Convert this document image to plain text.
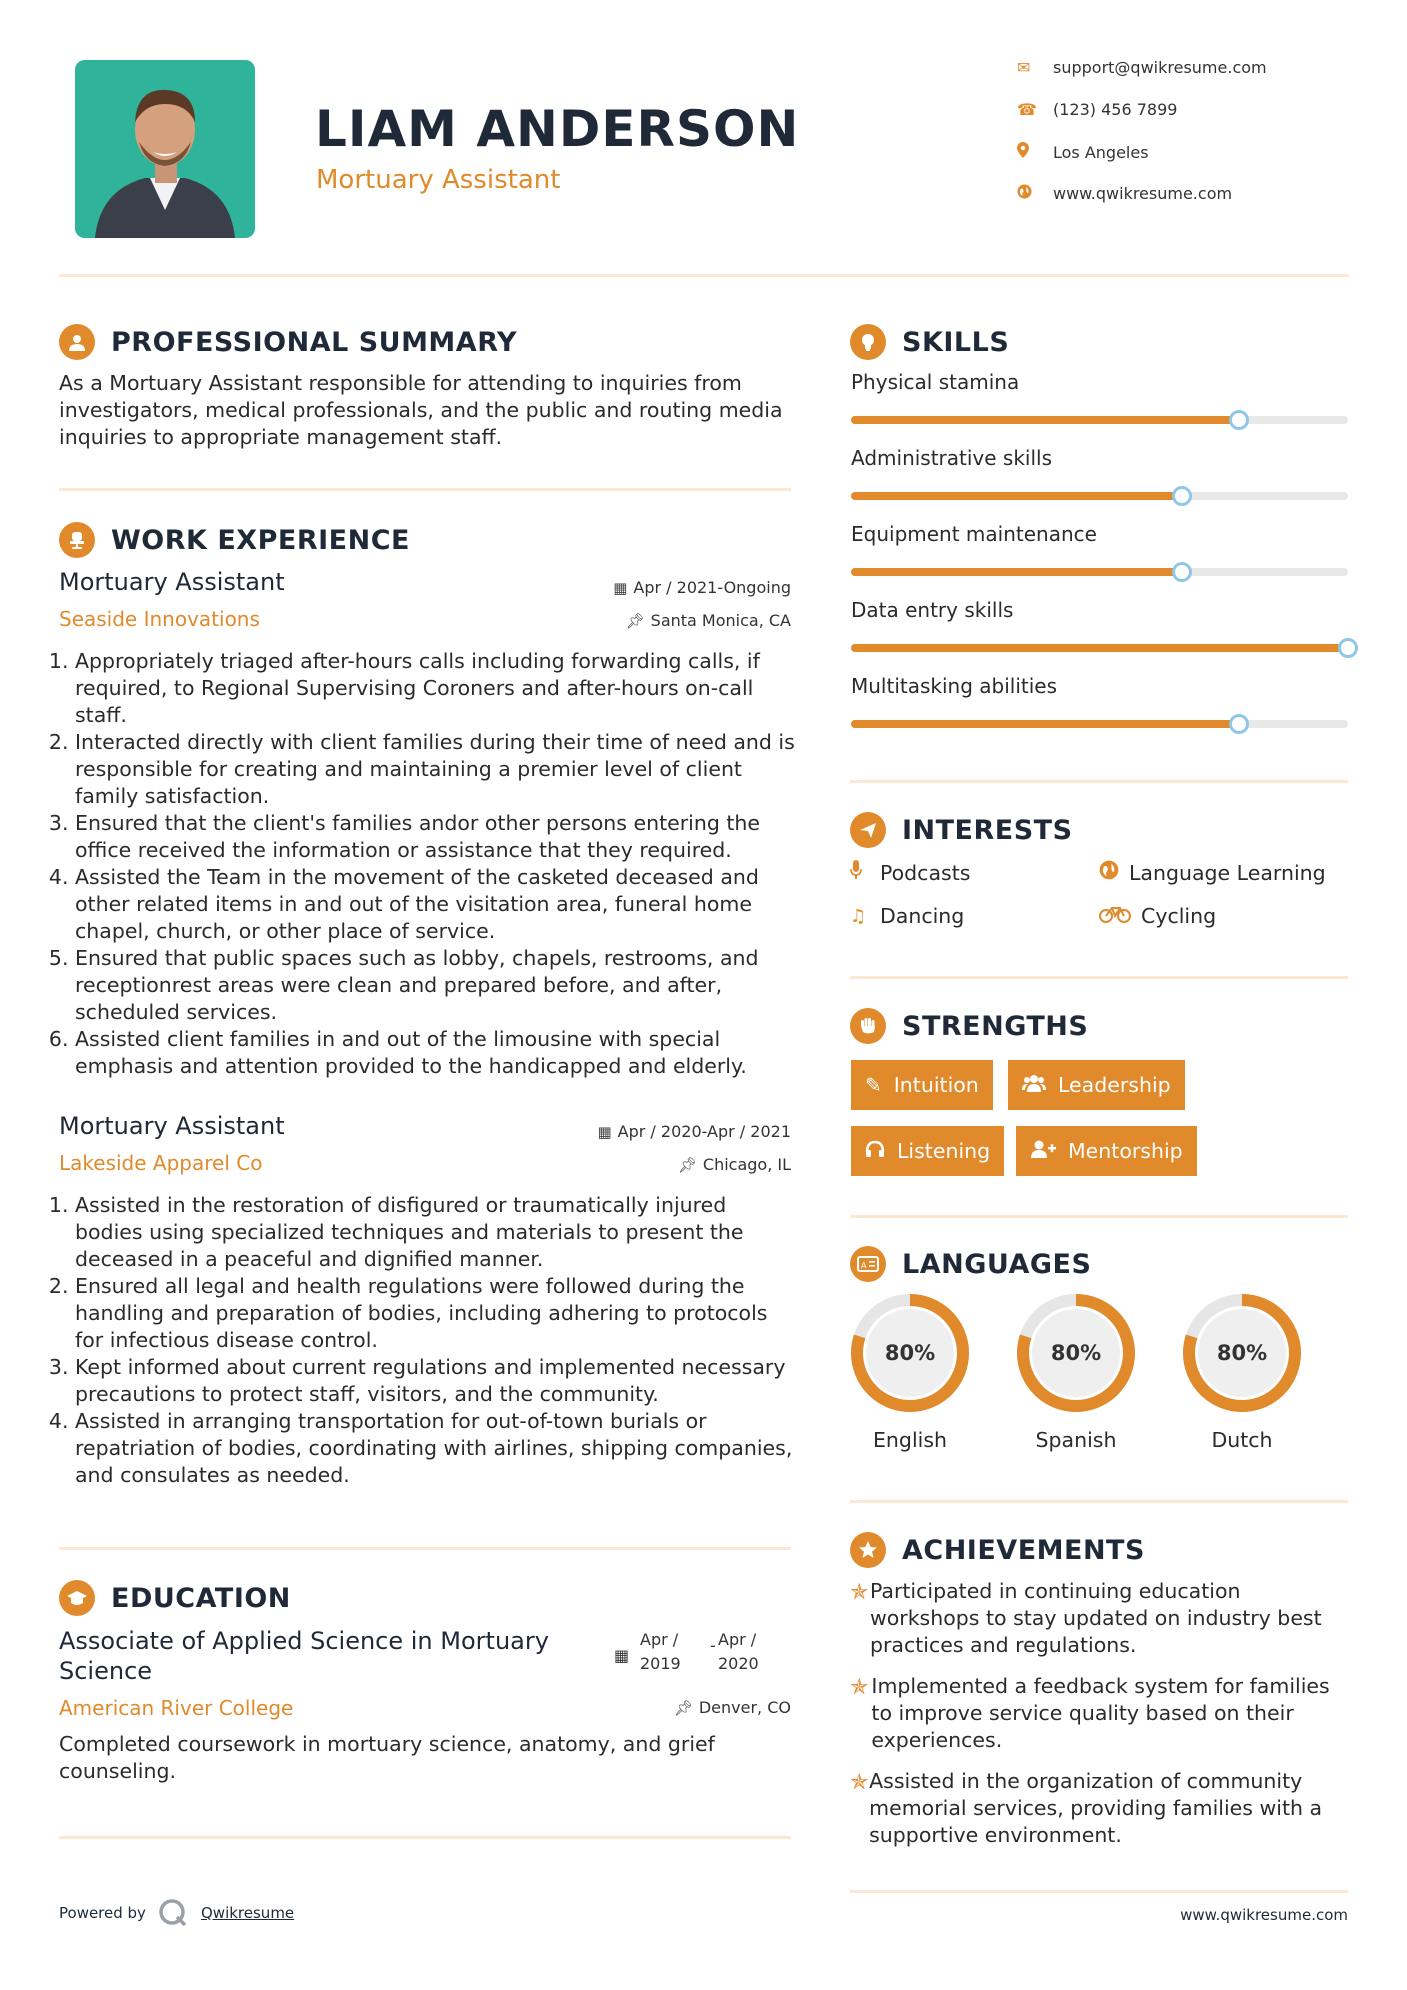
LIAM ANDERSON
Mortuary Assistant
✉	support@qwikresume.com
☎	(123) 456 7899
Los Angeles
www.qwikresume.com
PROFESSIONAL SUMMARY
As a Mortuary Assistant responsible for attending to inquiries from investigators, medical professionals, and the public and routing media inquiries to appropriate management staff.
WORK EXPERIENCE
Mortuary Assistant	▦ Apr / 2021-Ongoing
Seaside Innovations	📌︎ Santa Monica, CA
1. Appropriately triaged after-hours calls including forwarding calls, if required, to Regional Supervising Coroners and after-hours on-call staff.
2. Interacted directly with client families during their time of need and is responsible for creating and maintaining a premier level of client family satisfaction.
3. Ensured that the client's families andor other persons entering the office received the information or assistance that they required.
4. Assisted the Team in the movement of the casketed deceased and other related items in and out of the visitation area, funeral home chapel, church, or other place of service.
5. Ensured that public spaces such as lobby, chapels, restrooms, and receptionrest areas were clean and prepared before, and after, scheduled services.
6. Assisted client families in and out of the limousine with special emphasis and attention provided to the handicapped and elderly.
Mortuary Assistant	▦ Apr / 2020-Apr / 2021
Lakeside Apparel Co	📌︎ Chicago, IL
1. Assisted in the restoration of disfigured or traumatically injured bodies using specialized techniques and materials to present the deceased in a peaceful and dignified manner.
2. Ensured all legal and health regulations were followed during the handling and preparation of bodies, including adhering to protocols for infectious disease control.
3. Kept informed about current regulations and implemented necessary precautions to protect staff, visitors, and the community.
4. Assisted in arranging transportation for out-of-town burials or repatriation of bodies, coordinating with airlines, shipping companies, and consulates as needed.
EDUCATION
Associate of Applied Science in Mortuary Science
▦
Apr /
2019
- Apr /
2020
American River College	📌︎ Denver, CO
Completed coursework in mortuary science, anatomy, and grief counseling.
SKILLS
Physical stamina
Administrative skills
Equipment maintenance
Data entry skills
Multitasking abilities
INTERESTS
Podcasts	Language Learning
♫ Dancing	Cycling
STRENGTHS
✎ Intuition	Leadership
Listening	Mentorship
A LANGUAGES
80%
English
80%
Spanish
80%
Dutch
ACHIEVEMENTS
✯ Participated in continuing education workshops to stay updated on industry best practices and regulations.
✯ Implemented a feedback system for families to improve service quality based on their experiences.
✯ Assisted in the organization of community memorial services, providing families with a supportive environment.
Powered by	Qwikresume	www.qwikresume.com
